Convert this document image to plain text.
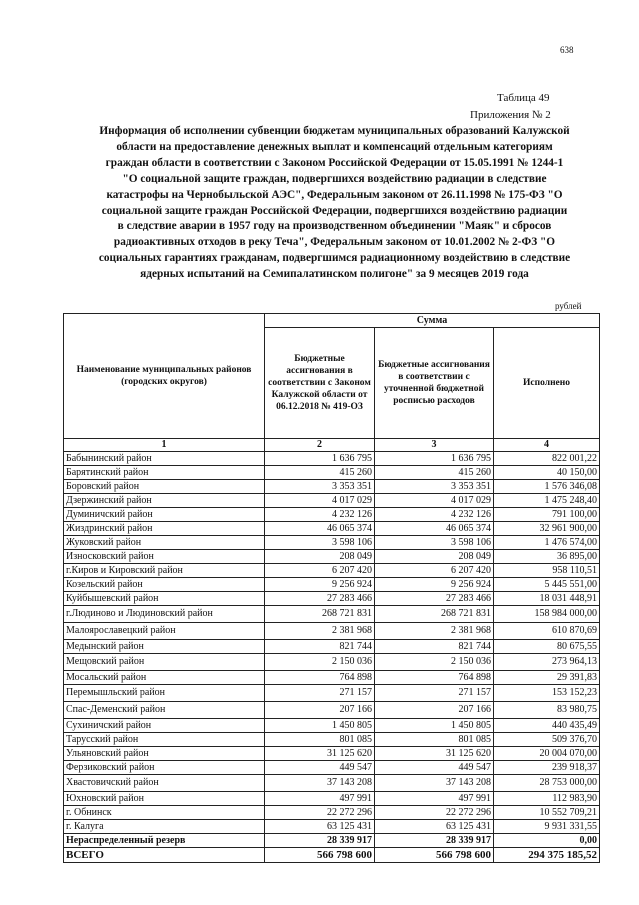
638
Таблица 49
Приложения № 2
Информация об исполнении субвенции бюджетам муниципальных образований Калужской
области на предоставление денежных выплат и компенсаций отдельным категориям
граждан области в соответствии с Законом Российской Федерации от 15.05.1991 № 1244-1
"О социальной защите граждан, подвергшихся воздействию радиации в следствие
катастрофы на Чернобыльской АЭС", Федеральным законом от 26.11.1998 № 175-ФЗ "О
социальной защите граждан Российской Федерации, подвергшихся воздействию радиации
в следствие аварии в 1957 году на производственном объединении "Маяк" и сбросов
радиоактивных отходов в реку Теча", Федеральным законом от 10.01.2002 № 2-ФЗ "О
социальных гарантиях гражданам, подвергшимся радиационному воздействию в следствие
ядерных испытаний на Семипалатинском полигоне" за 9 месяцев 2019 года
рублей
Наименование муниципальных районов (городских округов)	Сумма		
	Бюджетные ассигнования в соответствии с Законом Калужской области от 06.12.2018 № 419-ОЗ	Бюджетные ассигнования в соответствии с уточненной бюджетной росписью расходов	Исполнено
1	2	3	4
Бабынинский район	1 636 795	1 636 795	822 001,22
Барятинский район	415 260	415 260	40 150,00
Боровский район	3 353 351	3 353 351	1 576 346,08
Дзержинский район	4 017 029	4 017 029	1 475 248,40
Думиничский район	4 232 126	4 232 126	791 100,00
Жиздринский район	46 065 374	46 065 374	32 961 900,00
Жуковский район	3 598 106	3 598 106	1 476 574,00
Износковский район	208 049	208 049	36 895,00
г.Киров и Кировский район	6 207 420	6 207 420	958 110,51
Козельский район	9 256 924	9 256 924	5 445 551,00
Куйбышевский район	27 283 466	27 283 466	18 031 448,91
г.Людиново и Людиновский район	268 721 831	268 721 831	158 984 000,00
Малоярославецкий район	2 381 968	2 381 968	610 870,69
Медынский район	821 744	821 744	80 675,55
Мещовский район	2 150 036	2 150 036	273 964,13
Мосальский район	764 898	764 898	29 391,83
Перемышльский район	271 157	271 157	153 152,23
Спас-Деменский район	207 166	207 166	83 980,75
Сухиничский район	1 450 805	1 450 805	440 435,49
Тарусский район	801 085	801 085	509 376,70
Ульяновский район	31 125 620	31 125 620	20 004 070,00
Ферзиковский район	449 547	449 547	239 918,37
Хвастовичский район	37 143 208	37 143 208	28 753 000,00
Юхновский район	497 991	497 991	112 983,90
г. Обнинск	22 272 296	22 272 296	10 552 709,21
г. Калуга	63 125 431	63 125 431	9 931 331,55
Нераспределенный резерв	28 339 917	28 339 917	0,00
ВСЕГО	566 798 600	566 798 600	294 375 185,52
